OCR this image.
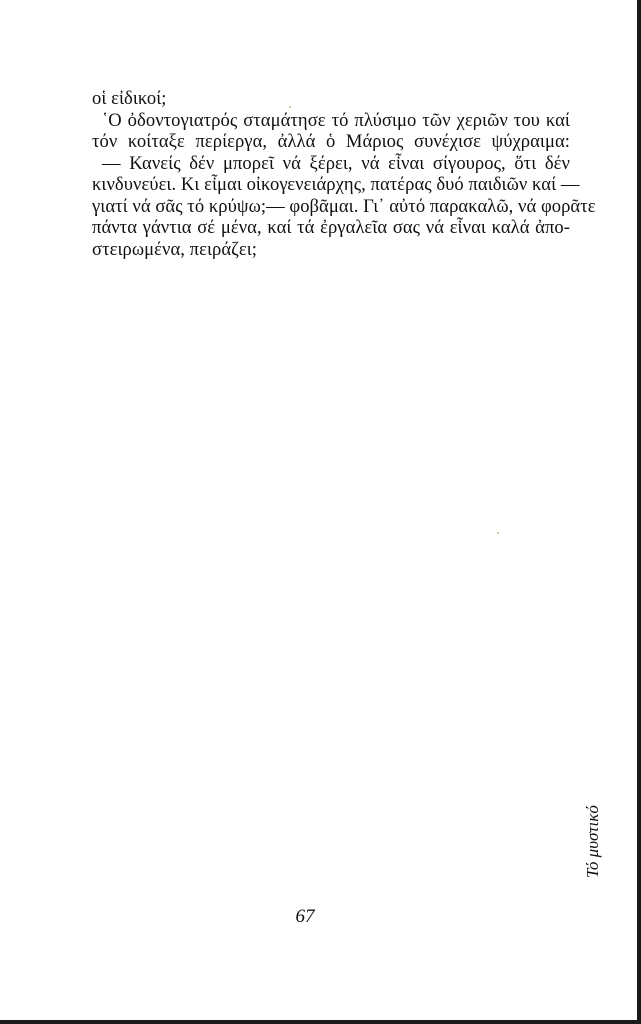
οἱ εἰδικοί;
῾Ο ὀδοντογιατρός σταμάτησε τό πλύσιμο τῶν χεριῶν του καί
τόν κοίταξε περίεργα, ἀλλά ὁ Μάριος συνέχισε ψύχραιμα:
— Κανείς δέν μπορεῖ νά ξέρει, νά εἶναι σίγουρος, ὅτι δέν
κινδυνεύει. Κι εἶμαι οἰκογενειάρχης, πατέρας δυό παιδιῶν καί —
γιατί νά σᾶς τό κρύψω;— φοβᾶμαι. Γι᾿ αὐτό παρακαλῶ, νά φορᾶτε
πάντα γάντια σέ μένα, καί τά ἐργαλεῖα σας νά εἶναι καλά ἀπο-
στειρωμένα, πειράζει;
67
Τό μυστικό
